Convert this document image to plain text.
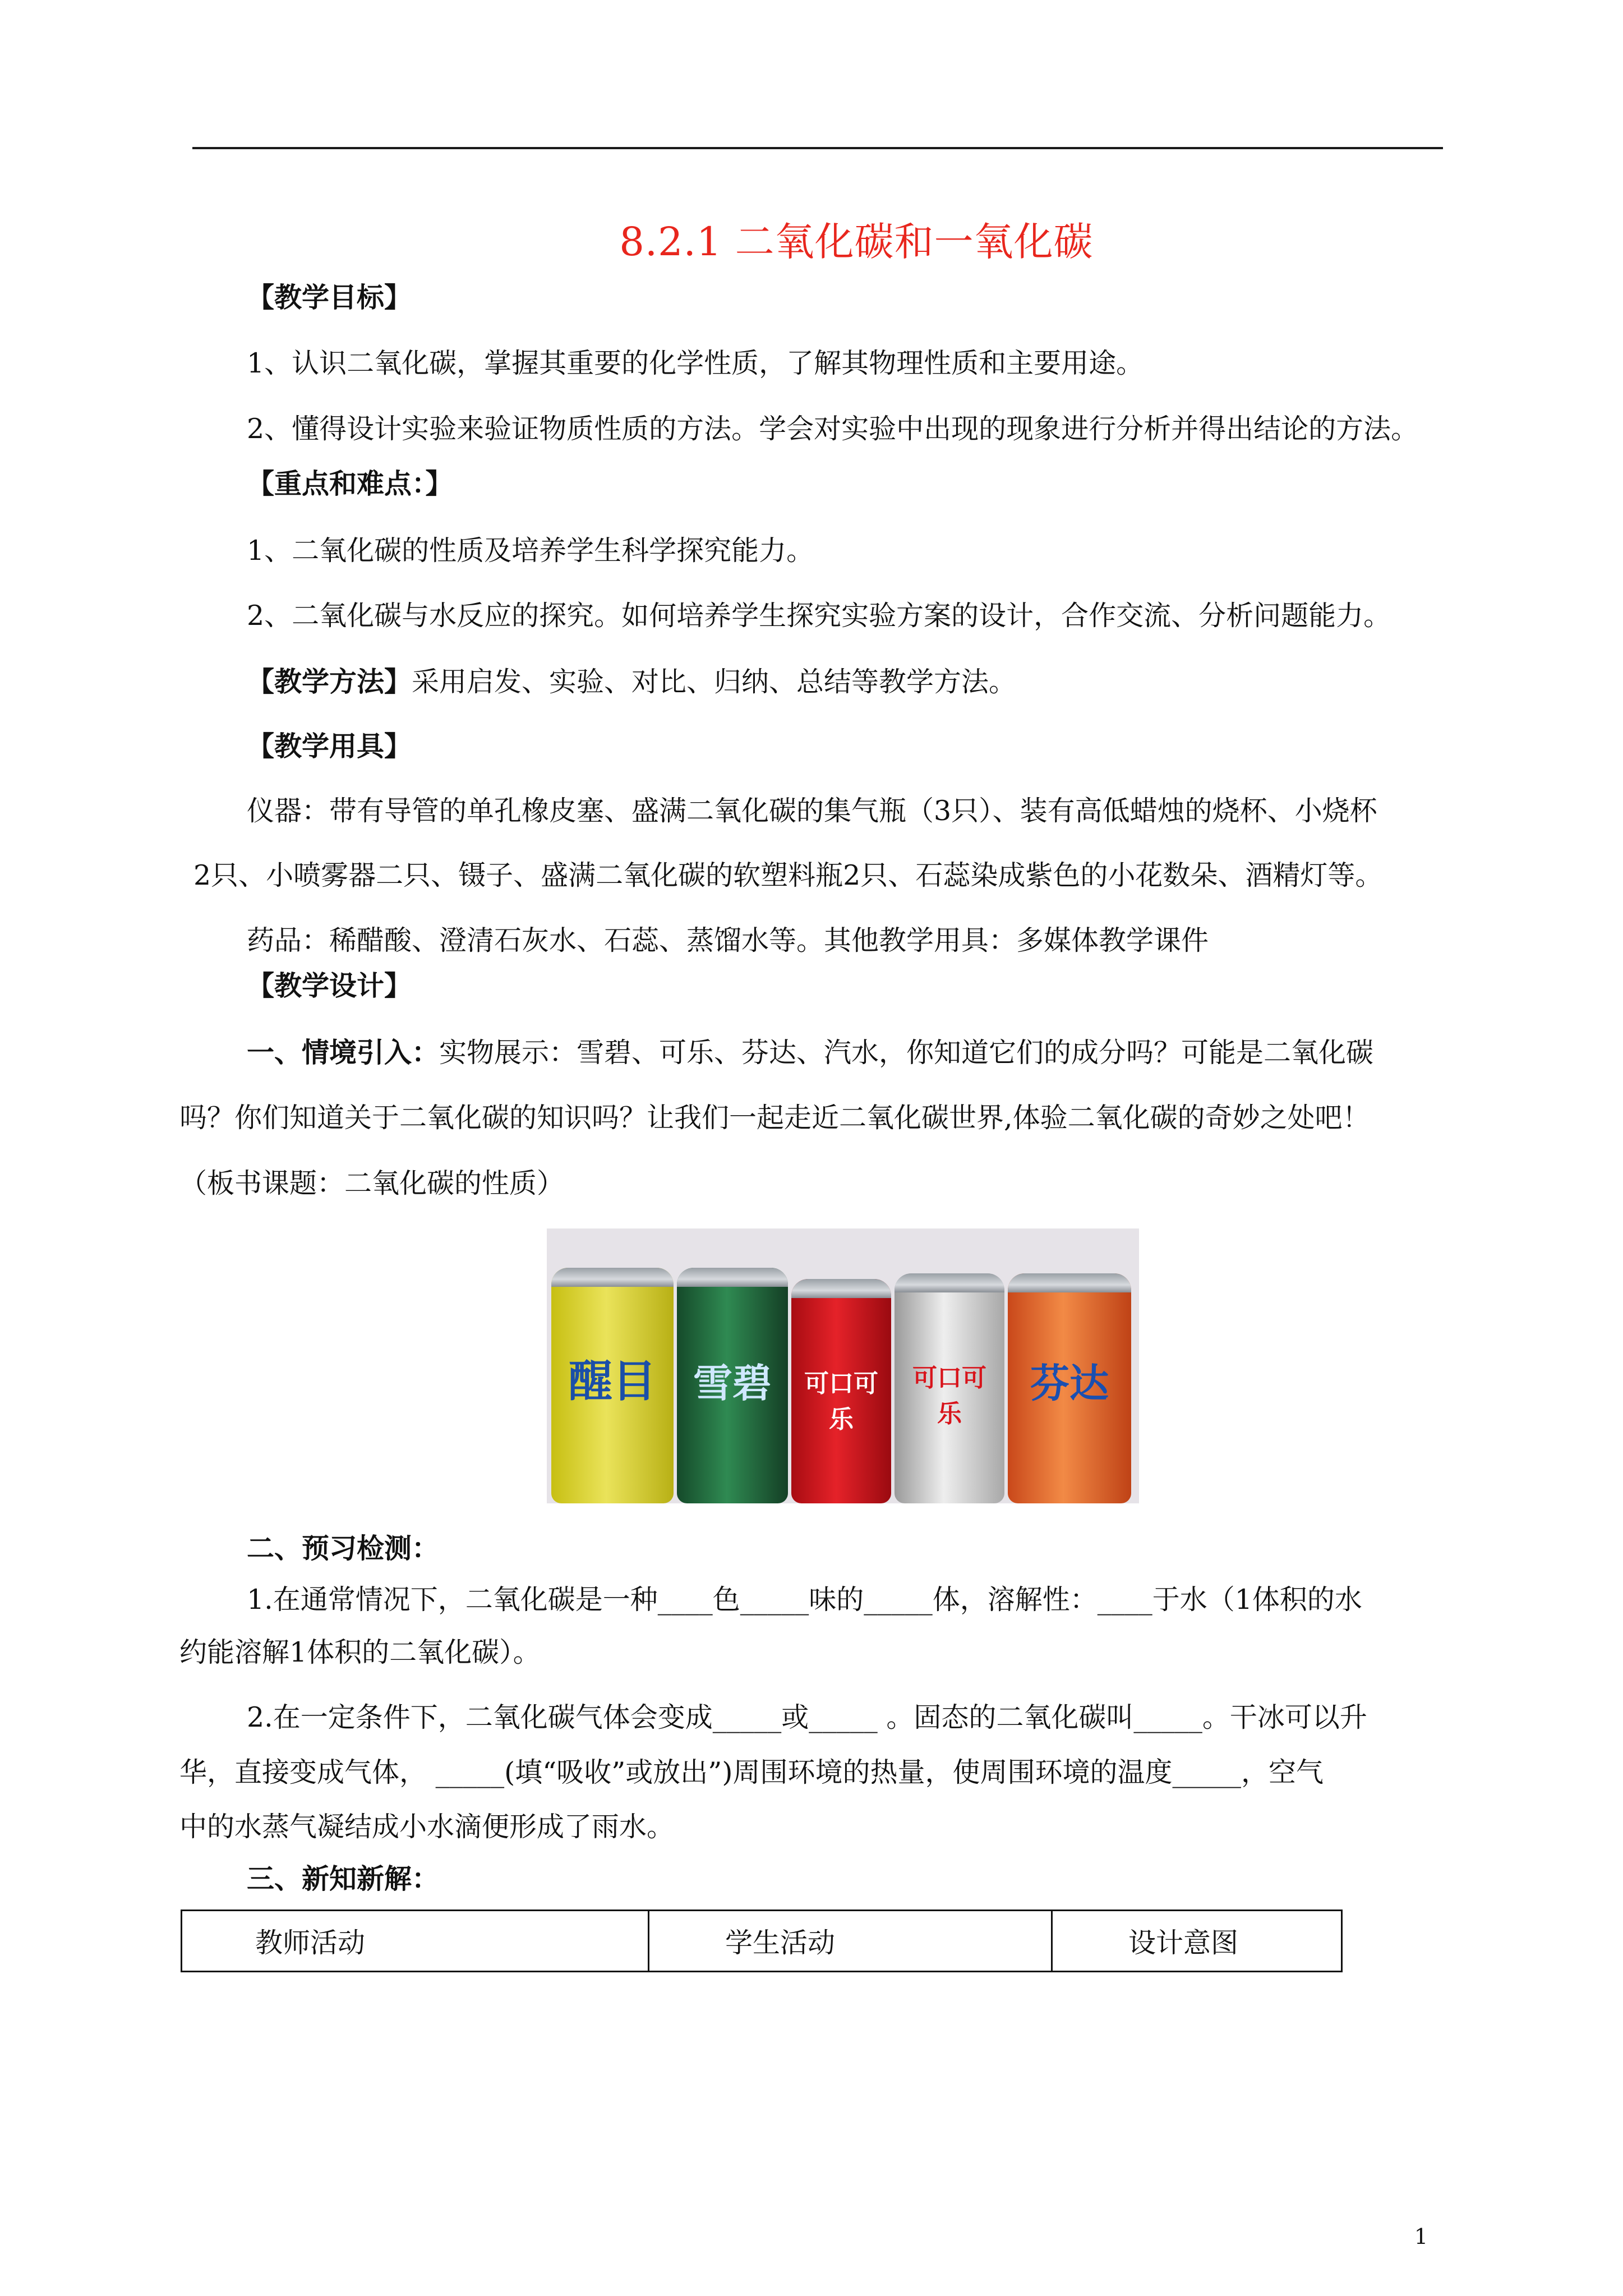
8.2.1 二氧化碳和一氧化碳
【教学目标】
1、认识二氧化碳，掌握其重要的化学性质，了解其物理性质和主要用途。
2、懂得设计实验来验证物质性质的方法。学会对实验中出现的现象进行分析并得出结论的方法。
【重点和难点：】
1、二氧化碳的性质及培养学生科学探究能力。
2、二氧化碳与水反应的探究。如何培养学生探究实验方案的设计，合作交流、分析问题能力。
【教学方法】采用启发、实验、对比、归纳、总结等教学方法。
【教学用具】
仪器：带有导管的单孔橡皮塞、盛满二氧化碳的集气瓶（3只）、装有高低蜡烛的烧杯、小烧杯
2只、小喷雾器二只、镊子、盛满二氧化碳的软塑料瓶2只、石蕊染成紫色的小花数朵、酒精灯等。
药品：稀醋酸、澄清石灰水、石蕊、蒸馏水等。其他教学用具：多媒体教学课件
【教学设计】
一、情境引入：实物展示：雪碧、可乐、芬达、汽水，你知道它们的成分吗？可能是二氧化碳
吗？你们知道关于二氧化碳的知识吗？让我们一起走近二氧化碳世界,体验二氧化碳的奇妙之处吧！
（板书课题：二氧化碳的性质）
醒目 雪碧 可口可乐
可口可乐
芬达
二、预习检测：
1.在通常情况下，二氧化碳是一种____色_____味的_____体，溶解性：____于水（1体积的水
约能溶解1体积的二氧化碳）。
2.在一定条件下，二氧化碳气体会变成_____或_____ 。固态的二氧化碳叫_____。干冰可以升
华，直接变成气体， _____(填“吸收”或放出”)周围环境的热量，使周围环境的温度_____，空气
中的水蒸气凝结成小水滴便形成了雨水。
三、新知新解：
教师活动	学生活动	设计意图
1
